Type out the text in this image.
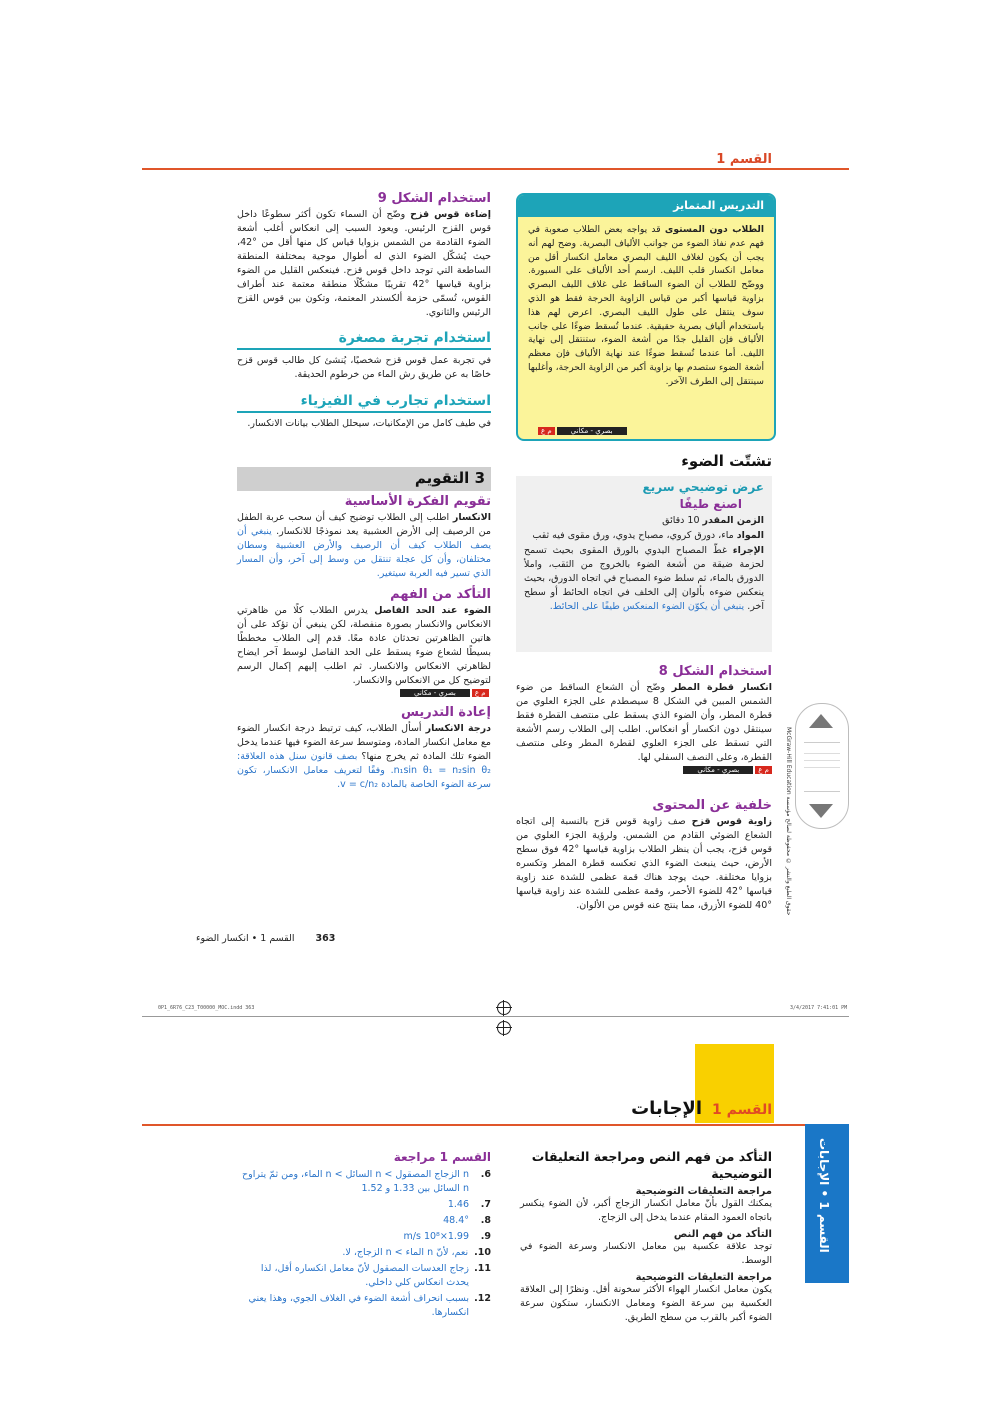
القسم 1
التدريس المتمايز
الطلاب دون المستوى قد يواجه بعض الطلاب صعوبة في فهم عدم نفاذ الضوء من جوانب الألياف البصرية. وضح لهم أنه يجب أن يكون لغلاف الليف البصري معامل انكسار أقل من معامل انكسار قلب الليف. ارسم أحد الألياف على السبورة. ووضّح للطلاب أن الضوء الساقط على غلاف الليف البصري بزاوية قياسها أكبر من قياس الزاوية الحرجة فقط هو الذي سوف ينتقل على طول الليف البصري. اعرض لهم هذا باستخدام ألياف بصرية حقيقية. عندما تُسقط ضوءًا على جانب الألياف فإن القليل جدًا من أشعة الضوء، ستنتقل إلى نهاية الليف. أما عندما تُسقط ضوءًا عند نهاية الألياف فإن معظم أشعة الضوء ستصدم بها بزاوية أكبر من الزاوية الحرجة، وأغلبها سينتقل إلى الطرف الآخر.
م ع	بصري - مكاني
تشتّت الضوء
عرض توضيحي سريع
اصنع طيفًا
الزمن المقدر 10 دقائق
المواد ماء، دورق كروي، مصباح يدوي، ورق مقوى فيه ثقب
الإجراء غطّ المصباح اليدوي بالورق المقوى بحيث تسمح لحزمة ضيقة من أشعة الضوء بالخروج من الثقب، واملأ الدورق بالماء، ثم سلط ضوء المصباح في اتجاه الدورق، بحيث ينعكس ضوءه بألوان إلى الخلف في اتجاه الحائط أو سطح آخر. ينبغي أن يكوّن الضوء المنعكس طيفًا على الحائط.
استخدام الشكل 8
انكسار قطرة المطر وضّح أن الشعاع الساقط من ضوء الشمس المبين في الشكل 8 سيصطدم على الجزء العلوي من قطرة المطر، وأن الضوء الذي يسقط على منتصف القطرة فقط سينتقل دون انكسار أو انعكاس. اطلب إلى الطلاب رسم الأشعة التي تسقط على الجزء العلوي لقطرة المطر وعلى منتصف القطرة، وعلى النصف السفلي لها.
م ع
بصري - مكاني
خلفية عن المحتوى
زاوية قوس قزح صف زاوية قوس قزح بالنسبة إلى اتجاه الشعاع الضوئي القادم من الشمس. ولرؤية الجزء العلوي من قوس قزح، يجب أن ينظر الطلاب بزاوية قياسها °42 فوق سطح الأرض، حيث ينبعث الضوء الذي تعكسه قطرة المطر وتكسره بزوايا مختلفة. حيث يوجد هناك قمة عظمى للشدة عند زاوية قياسها °42 للضوء الأحمر، وقمة عظمى للشدة عند زاوية قياسها °40 للضوء الأزرق، مما ينتج عنه قوس من الألوان.
استخدام الشكل 9
إضاءة قوس قزح وضّح أن السماء تكون أكثر سطوعًا داخل قوس القزح الرئيس. ويعود السبب إلى انعكاس أغلب أشعة الضوء القادمة من الشمس بزوايا قياس كل منها أقل من °42، حيث يُشكّل الضوء الذي له أطوال موجية بمختلفة المنطقة الساطعة التي توجد داخل قوس قزح. فينعكس القليل من الضوء بزاوية قياسها °42 تقريبًا مشكّلًا منطقة معتمة عند أطراف القوس، تُسمّى حزمة ألكسندر المعتمة، وتكون بين قوس القزح الرئيس والثانوي.
استخدام تجربة مصغرة
في تجربة عمل قوس قزح شخصيًا، يُنشئ كل طالب قوس قزح خاصًا به عن طريق رش الماء من خرطوم الحديقة.
استخدام تجارب في الفيزياء
في طيف كامل من الإمكانيات، سيحلل الطلاب بيانات الانكسار.
3 التقويم
تقويم الفكرة الأساسية
الانكسار اطلب إلى الطلاب توضيح كيف أن سحب عربة الطفل من الرصيف إلى الأرض العشبية يعد نموذجًا للانكسار. ينبغي أن يصف الطلاب كيف أن الرصيف والأرض العشبية وسطان مختلفان، وأن كل عجلة تنتقل من وسط إلى آخر، وأن المسار الذي تسير فيه العربة سيتغير.
التأكد من الفهم
الضوء عند الحد الفاصل يدرس الطلاب كلًا من ظاهرتي الانعكاس والانكسار بصورة منفصلة، لكن ينبغي أن تؤكد على أن هاتين الظاهرتين تحدثان عادة معًا. قدم إلى الطلاب مخططًا بسيطًا لشعاع ضوء يسقط على الحد الفاصل لوسط آخر ايضاح لظاهرتي الانعكاس والانكسار. ثم اطلب إليهم إكمال الرسم لتوضيح كل من الانعكاس والانكسار.
بصري - مكاني	م ع
إعادة التدريس
درجة الانكسار أسأل الطلاب، كيف ترتبط درجة انكسار الضوء مع معامل انكسار المادة، ومتوسط سرعة الضوء فيها عندما يدخل الضوء تلك المادة ثم يخرج منها؟ بصف قانون سنل هذه العلاقة: n₁sin θ₁ = n₂sin θ₂. وفقًا لتعريف معامل الانكسار، تكون سرعة الضوء الخاصة بالمادة v = c/n₂.
363 القسم 1 • انكسار الضوء
حقوق الطبع والنشر © محفوظة لصالح مؤسسة McGraw-Hill Education
0P1_6R76_C23_T00000_MOC.indd 363	3/4/2017 7:41:01 PM
القسم 1
الإجابات
القسم 1 • الإجابات
التأكد من فهم النص ومراجعة التعليقات التوضيحية
مراجعة التعليقات التوضيحية
يمكنك القول بأنّ معامل انكسار الزجاج أكبر، لأن الضوء ينكسر باتجاه العمود المقام عندما يدخل إلى الزجاج.
التأكد من فهم النص
توجد علاقة عكسية بين معامل الانكسار وسرعة الضوء في الوسط.
مراجعة التعليقات التوضيحية
يكون معامل انكسار الهواء الأكثر سخونة أقل. ونظرًا إلى العلاقة العكسية بين سرعة الضوء ومعامل الانكسار، ستكون سرعة الضوء أكبر بالقرب من سطح الطريق.
القسم 1 مراجعة
6.
n الزجاج المصقول > n السائل > n الماء، ومن ثمّ يتراوح n السائل بين 1.33 و 1.52
7.
1.46
8.
48.4°
9.
1.99×10⁸ m/s
10.
نعم، لأنّ n الماء > n الزجاج، لا.
11.
زجاج العدسات المصقول لأنّ معامل انكساره أقل، لذا يحدث انعكاس كلي داخلي.
12.
بسبب انحراف أشعة الضوء في الغلاف الجوي، وهذا يعني انكسارها.
